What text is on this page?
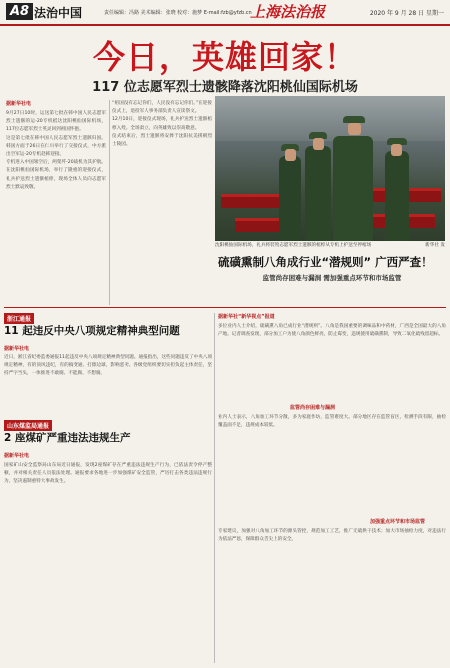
A8 法治中国	责任编辑：冯路 美术编辑：张晓 校对：施梦 E-mail:fzb@yfzb.cn
上海法治报	2020 年 9 月 28 日 星期一
今日，英雄回家！
117 位志愿军烈士遗骸降落沈阳桃仙国际机场
据新华社电

9月27日10时，运送第七批在韩中国人民志愿军烈士遗骸的运-20专机抵达沈阳桃仙国际机场，117位志愿军烈士英灵回到祖国怀抱。

这是第七批在韩中国人民志愿军烈士遗骸归国。韩国方面于26日在仁川举行了交接仪式，中方派出空军运-20专机赴韩迎接。

专机进入中国领空后，两架歼-20战机为其护航。在沈阳桃仙国际机场，举行了隆重的迎接仪式，礼兵护送烈士遗骸棺椁，现场全体人员向志愿军烈士默哀致敬。

“祖国没有忘记你们，人民没有忘记你们。”在迎接仪式上，退役军人事务部负责人宣读祭文。

12月10日，迎接仪式现场，礼兵护送烈士遗骸棺椁入殓。全场肃立，向英雄致以崇高敬意。

仪式结束后，烈士遗骸将安葬于沈阳抗美援朝烈士陵园。

沈阳桃仙国际机场，礼兵将装殓志愿军烈士遗骸的棺椁从专机上护送至停棺场	新华社 发
浙江通报
11 起违反中央八项规定精神典型问题
据新华社电
近日，浙江省纪委监委通报11起违反中央八项规定精神典型问题。通报指出，这些问题违反了中央八项规定精神，有的顶风违纪，有的搞变通、打擦边球，影响恶劣。各级党组织要切实担负起主体责任，坚持严字当头，一体推进不敢腐、不能腐、不想腐。
山东煤监局通报
2 座煤矿严重违法违规生产
据新华社电
国家矿山安全监察局山东局近日通报，发现2座煤矿存在严重违法违规生产行为，已依法责令停产整顿，并对相关责任人员依法处理。通报要求各地进一步加强煤矿安全监管，严厉打击各类违法违规行为，坚决遏制重特大事故发生。
硫磺熏制八角成行业“潜规则” 广西严查！
监管尚存困难与漏洞 需加强重点环节和市场监管
据新华社“新华视点”报道
多位业内人士介绍，硫磺熏八角已成行业“潜规则”。八角是我国重要的调味品和中药材，广西是全国最大的八角产地。记者调查发现，部分加工户为使八角颜色鲜亮、防止霉变，违规使用硫磺熏制，导致二氧化硫残留超标。
监管尚存困难与漏洞
业内人士表示，八角加工环节分散，多为家庭作坊，监管难度大。部分地区存在监管盲区，检测手段有限，抽检覆盖面不足，违规成本较低。
加强重点环节和市场监管
专家建议，加强对八角加工环节的源头管控，规范加工工艺，推广无硫烘干技术；加大市场抽检力度，对违法行为依法严惩，保障群众舌尖上的安全。
